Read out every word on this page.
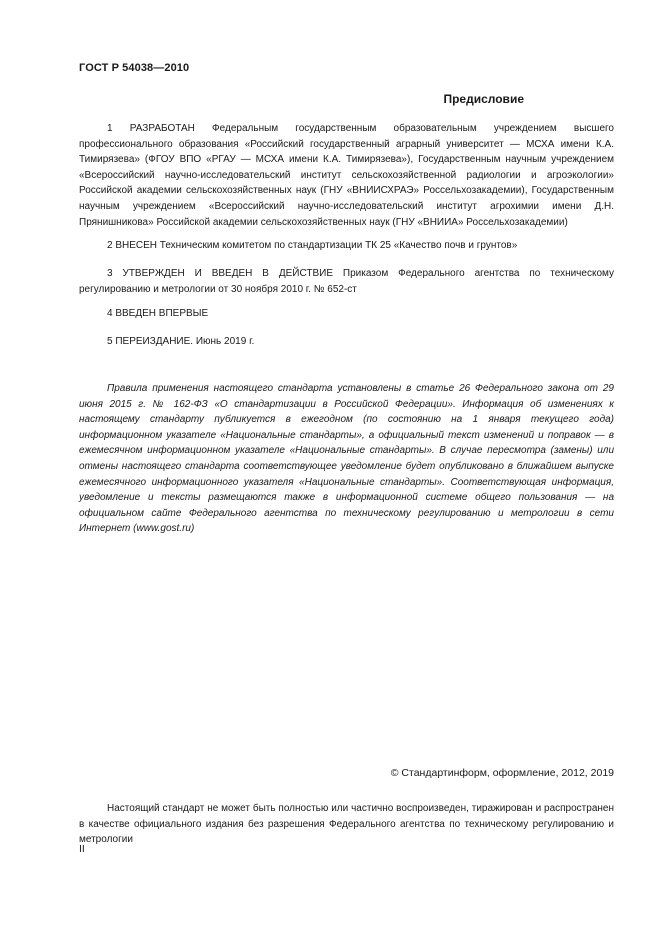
ГОСТ Р 54038—2010
Предисловие

1 РАЗРАБОТАН Федеральным государственным образовательным учреждением высшего профессионального образования «Российский государственный аграрный университет — МСХА имени К.А. Тимирязева» (ФГОУ ВПО «РГАУ — МСХА имени К.А. Тимирязева»), Государственным научным учреждением «Всероссийский научно-исследовательский институт сельскохозяйственной радиологии и агроэкологии» Российской академии сельскохозяйственных наук (ГНУ «ВНИИСХРАЭ» Россельхозакадемии), Государственным научным учреждением «Всероссийский научно-исследовательский институт агрохимии имени Д.Н. Прянишникова» Российской академии сельскохозяйственных наук (ГНУ «ВНИИА» Россельхозакадемии)

2 ВНЕСЕН Техническим комитетом по стандартизации ТК 25 «Качество почв и грунтов»

3 УТВЕРЖДЕН И ВВЕДЕН В ДЕЙСТВИЕ Приказом Федерального агентства по техническому регулированию и метрологии от 30 ноября 2010 г. № 652-ст

4 ВВЕДЕН ВПЕРВЫЕ

5 ПЕРЕИЗДАНИЕ. Июнь 2019 г.

Правила применения настоящего стандарта установлены в статье 26 Федерального закона от 29 июня 2015 г. № 162-ФЗ «О стандартизации в Российской Федерации». Информация об изменениях к настоящему стандарту публикуется в ежегодном (по состоянию на 1 января текущего года) информационном указателе «Национальные стандарты», а официальный текст изменений и поправок — в ежемесячном информационном указателе «Национальные стандарты». В случае пересмотра (замены) или отмены настоящего стандарта соответствующее уведомление будет опубликовано в ближайшем выпуске ежемесячного информационного указателя «Национальные стандарты». Соответствующая информация, уведомление и тексты размещаются также в информационной системе общего пользования — на официальном сайте Федерального агентства по техническому регулированию и метрологии в сети Интернет (www.gost.ru)

© Стандартинформ, оформление, 2012, 2019

Настоящий стандарт не может быть полностью или частично воспроизведен, тиражирован и распространен в качестве официального издания без разрешения Федерального агентства по техническому регулированию и метрологии

II
